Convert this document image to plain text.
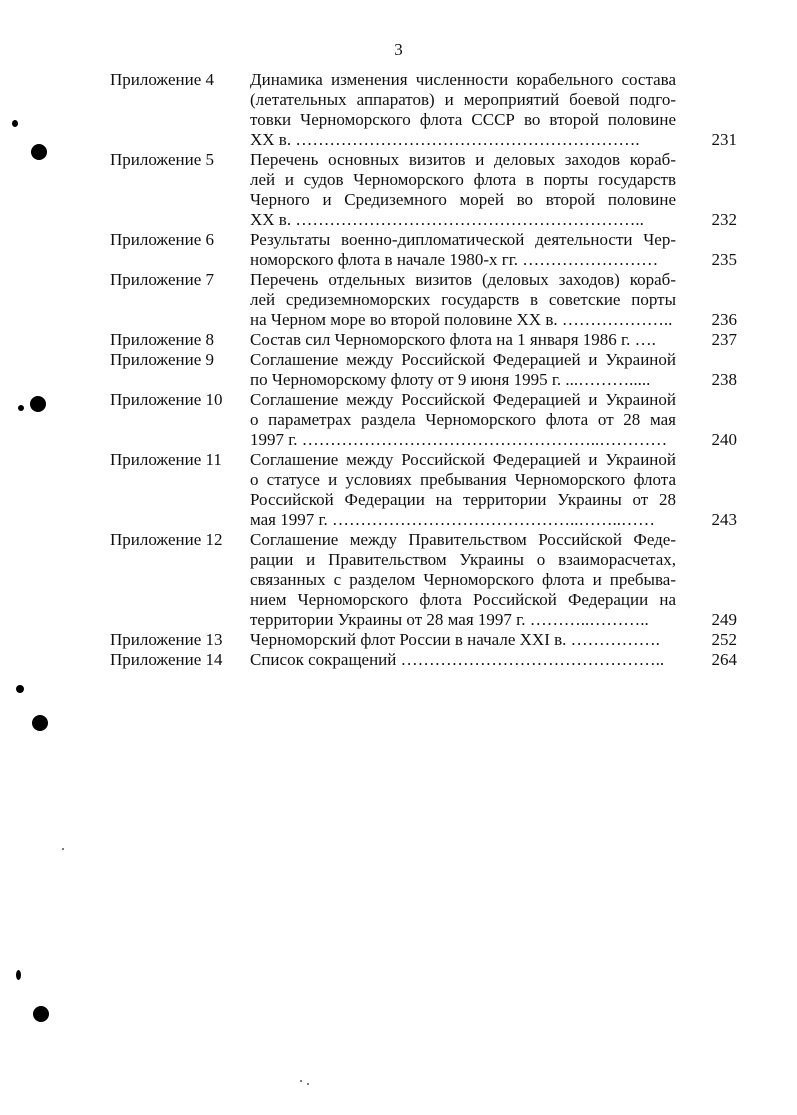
3
Приложение 4 Динамика изменения численности корабельного состава
(летательных аппаратов) и мероприятий боевой подго-
товки Черноморского флота СССР во второй половине
XX в. …………………………………………………….	231
Приложение 5 Перечень основных визитов и деловых заходов кораб-
лей и судов Черноморского флота в порты государств
Черного и Средиземного морей во второй половине
XX в. ……………………………………………………..	232
Приложение 6 Результаты военно-дипломатической деятельности Чер-
номорского флота в начале 1980-х гг. ……………………	235
Приложение 7 Перечень отдельных визитов (деловых заходов) кораб-
лей средиземноморских государств в советские порты
на Черном море во второй половине XX в. ……………….. 236
Приложение 8 Состав сил Черноморского флота на 1 января 1986 г. ….	237
Приложение 9 Соглашение между Российской Федерацией и Украиной
по Черноморскому флоту от 9 июня 1995 г. ...……….....	238
Приложение 10 Соглашение между Российской Федерацией и Украиной
о параметрах раздела Черноморского флота от 28 мая
1997 г. ……………………………………………..…………	240
Приложение 11 Соглашение между Российской Федерацией и Украиной
о статусе и условиях пребывания Черноморского флота
Российской Федерации на территории Украины от 28
мая 1997 г. ……………………………………..……..……	243
Приложение 12 Соглашение между Правительством Российской Феде-
рации и Правительством Украины о взаиморасчетах,
связанных с разделом Черноморского флота и пребыва-
нием Черноморского флота Российской Федерации на
территории Украины от 28 мая 1997 г. ………..………..	249
Приложение 13 Черноморский флот России в начале XXI в. …………….	252
Приложение 14 Список сокращений ………………………………………..	264
